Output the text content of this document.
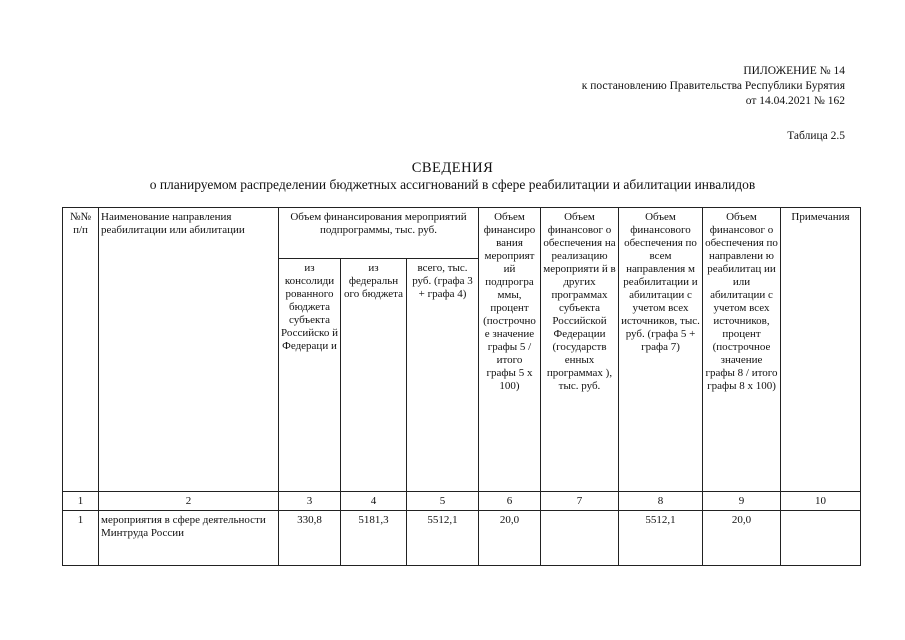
ПИЛОЖЕНИЕ № 14
к постановлению Правительства Республики Бурятия
от 14.04.2021 № 162
Таблица 2.5
СВЕДЕНИЯ
о планируемом распределении бюджетных ассигнований в сфере реабилитации и абилитации инвалидов
№№ п/п	Наименование направления реабилитации или абилитации	Объем финансирования мероприятий подпрограммы, тыс. руб.			Объем финансиро вания мероприят ий подпрогра ммы, процент (построчно е значение графы 5 / итого графы 5 x 100)	Объем финансовог о обеспечения на реализацию мероприяти й в других программах субъекта Российской Федерации (государств енных программах ), тыс. руб.	Объем финансового обеспечения по всем направления м реабилитации и абилитации с учетом всех источников, тыс. руб. (графа 5 + графа 7)	Объем финансовог о обеспечения по направлени ю реабилитац ии или абилитации с учетом всех источников, процент (построчное значение графы 8 / итого графы 8 x 100)	Примечания
		из консолиди рованного бюджета субъекта Российско й Федераци и	из федеральн ого бюджета	всего, тыс. руб. (графа 3 + графа 4)					
1	2	3	4	5	6	7	8	9	10
1	мероприятия в сфере деятельности Минтруда России	330,8	5181,3	5512,1	20,0		5512,1	20,0	
